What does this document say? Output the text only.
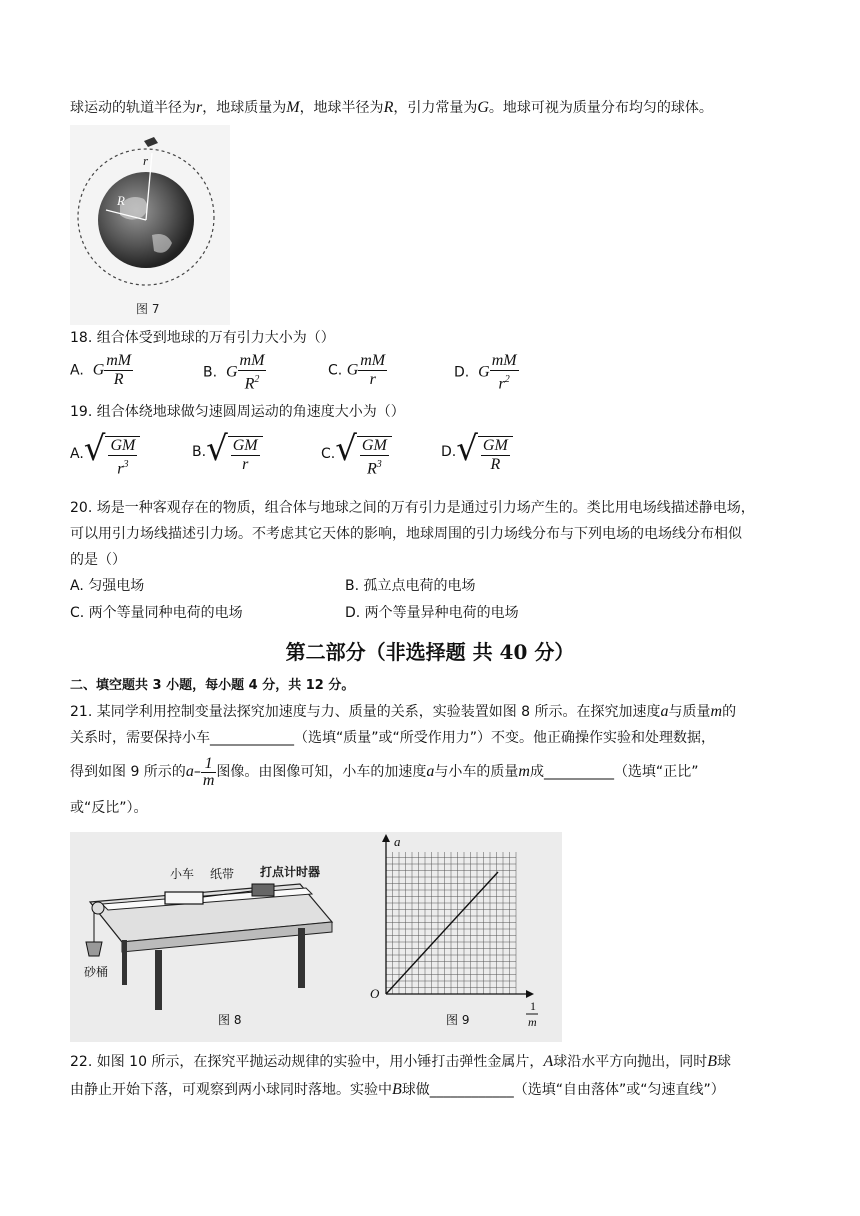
球运动的轨道半径为r，地球质量为M，地球半径为R，引力常量为G。地球可视为质量分布均匀的球体。
R
r
图 7
18. 组合体受到地球的万有引力大小为（）
A. G $\frac{mM}{R}$	B. G $\frac{mM}{R^2}$	C. G $\frac{mM}{r}$	D. G $\frac{mM}{r^2}$
19. 组合体绕地球做匀速圆周运动的角速度大小为（）
A. √ $\frac{GM}{r^3}$	B. √ $\frac{GM}{r}$	C. √ $\frac{GM}{R^3}$	D. √ $\frac{GM}{R}$
20. 场是一种客观存在的物质，组合体与地球之间的万有引力是通过引力场产生的。类比用电场线描述静电场，
可以用引力场线描述引力场。不考虑其它天体的影响，地球周围的引力场线分布与下列电场的电场线分布相似
的是（）
A. 匀强电场	B. 孤立点电荷的电场
C. 两个等量同种电荷的电场	D. 两个等量异种电荷的电场
第二部分（非选择题 共 40 分）
二、填空题共 3 小题，每小题 4 分，共 12 分。
21. 某同学利用控制变量法探究加速度与力、质量的关系，实验装置如图 8 所示。在探究加速度a与质量m的
关系时，需要保持小车____________（选填“质量”或“所受作用力”）不变。他正确操作实验和处理数据，
得到如图 9 所示的$a- \frac{1}{m}$ 图像。由图像可知，小车的加速度a与小车的质量m成__________（选填“正比”
或“反比”）。
小车 纸带 打点计时器
砂桶
图 8
a
O
1
m
图 9
22. 如图 10 所示，在探究平抛运动规律的实验中，用小锤打击弹性金属片，A球沿水平方向抛出，同时B球
由静止开始下落，可观察到两小球同时落地。实验中B球做____________（选填“自由落体”或“匀速直线”）
